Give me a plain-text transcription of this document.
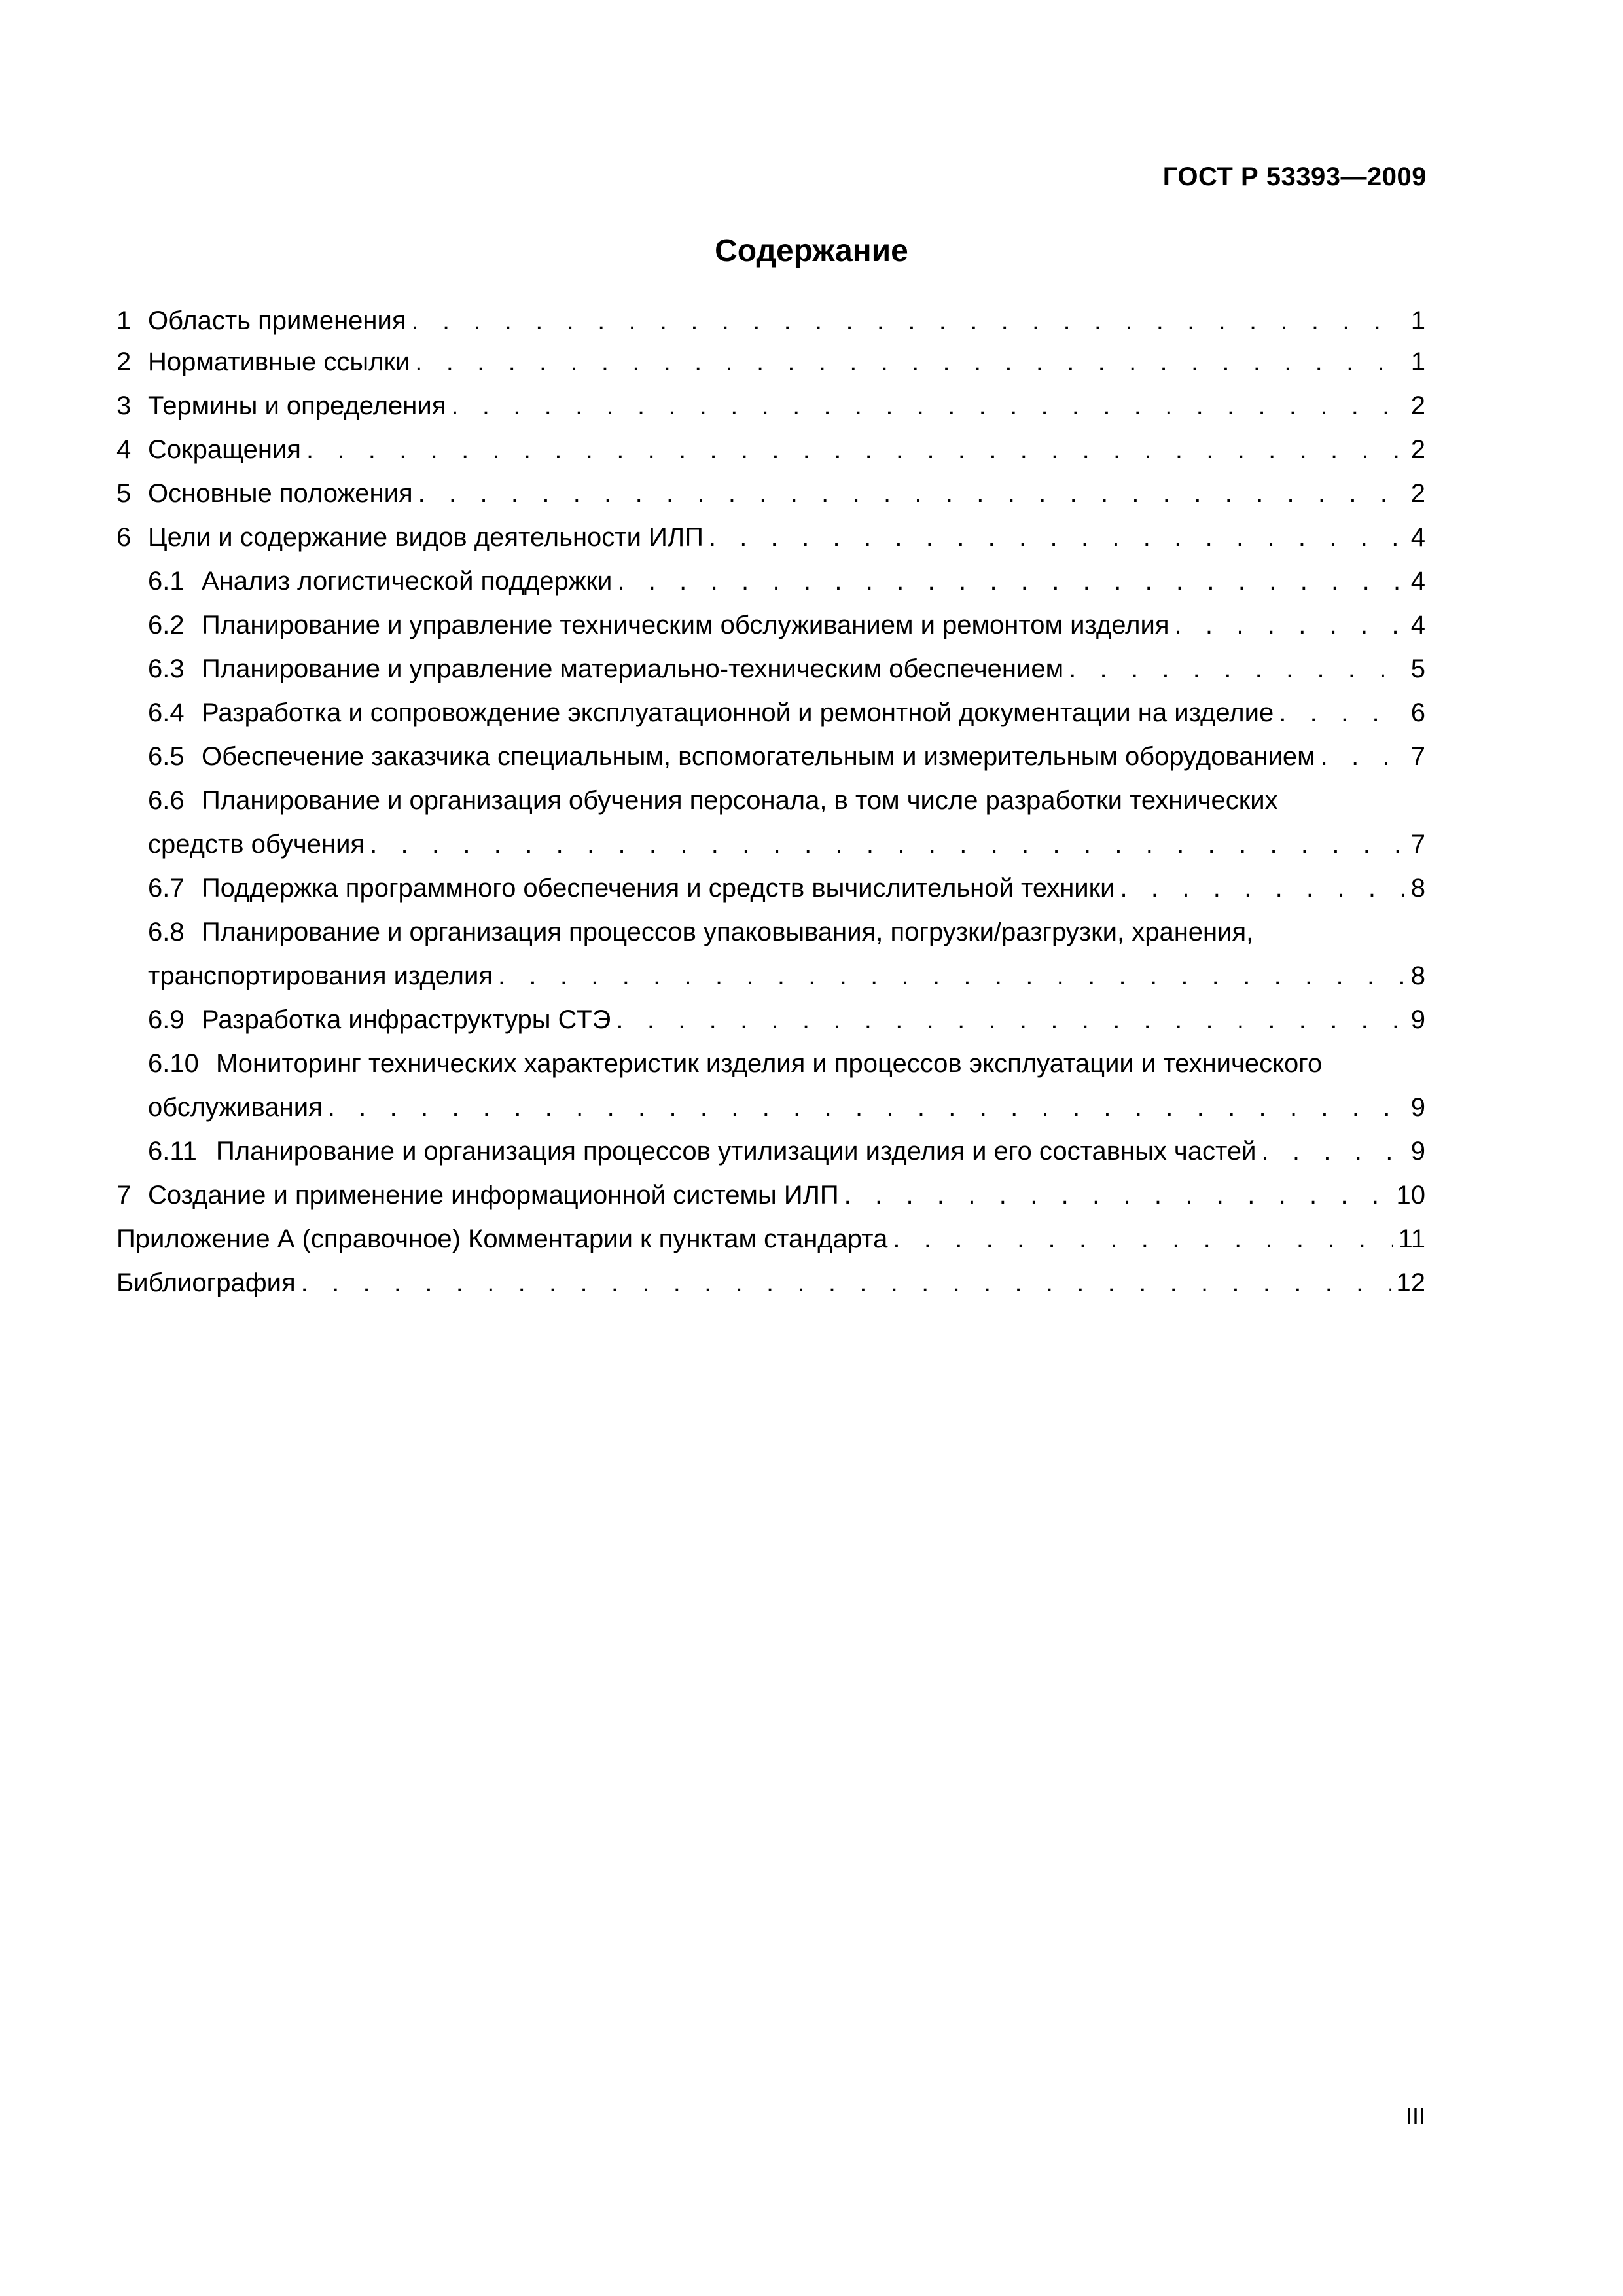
ГОСТ Р 53393—2009
Содержание
1 Область применения . . .	1
2 Нормативные ссылки . . .	1
3 Термины и определения . . .	2
4 Сокращения . . .	2
5 Основные положения . . .	2
6 Цели и содержание видов деятельности ИЛП . . .	4
6.1 Анализ логистической поддержки . . .	4
6.2 Планирование и управление техническим обслуживанием и ремонтом изделия . . .	4
6.3 Планирование и управление материально-техническим обеспечением . . .	5
6.4 Разработка и сопровождение эксплуатационной и ремонтной документации на изделие . . .	6
6.5 Обеспечение заказчика специальным, вспомогательным и измерительным оборудованием . . .	7
6.6 Планирование и организация обучения персонала, в том числе разработки технических
средств обучения . . .	7
6.7 Поддержка программного обеспечения и средств вычислительной техники . . .	8
6.8 Планирование и организация процессов упаковывания, погрузки/разгрузки, хранения,
транспортирования изделия . . .	8
6.9 Разработка инфраструктуры СТЭ . . .	9
6.10 Мониторинг технических характеристик изделия и процессов эксплуатации и технического
обслуживания . . .	9
6.11 Планирование и организация процессов утилизации изделия и его составных частей . . .	9
7 Создание и применение информационной системы ИЛП . . .	10
Приложение А (справочное) Комментарии к пунктам стандарта . . .	11
Библиография . . .	12
III
